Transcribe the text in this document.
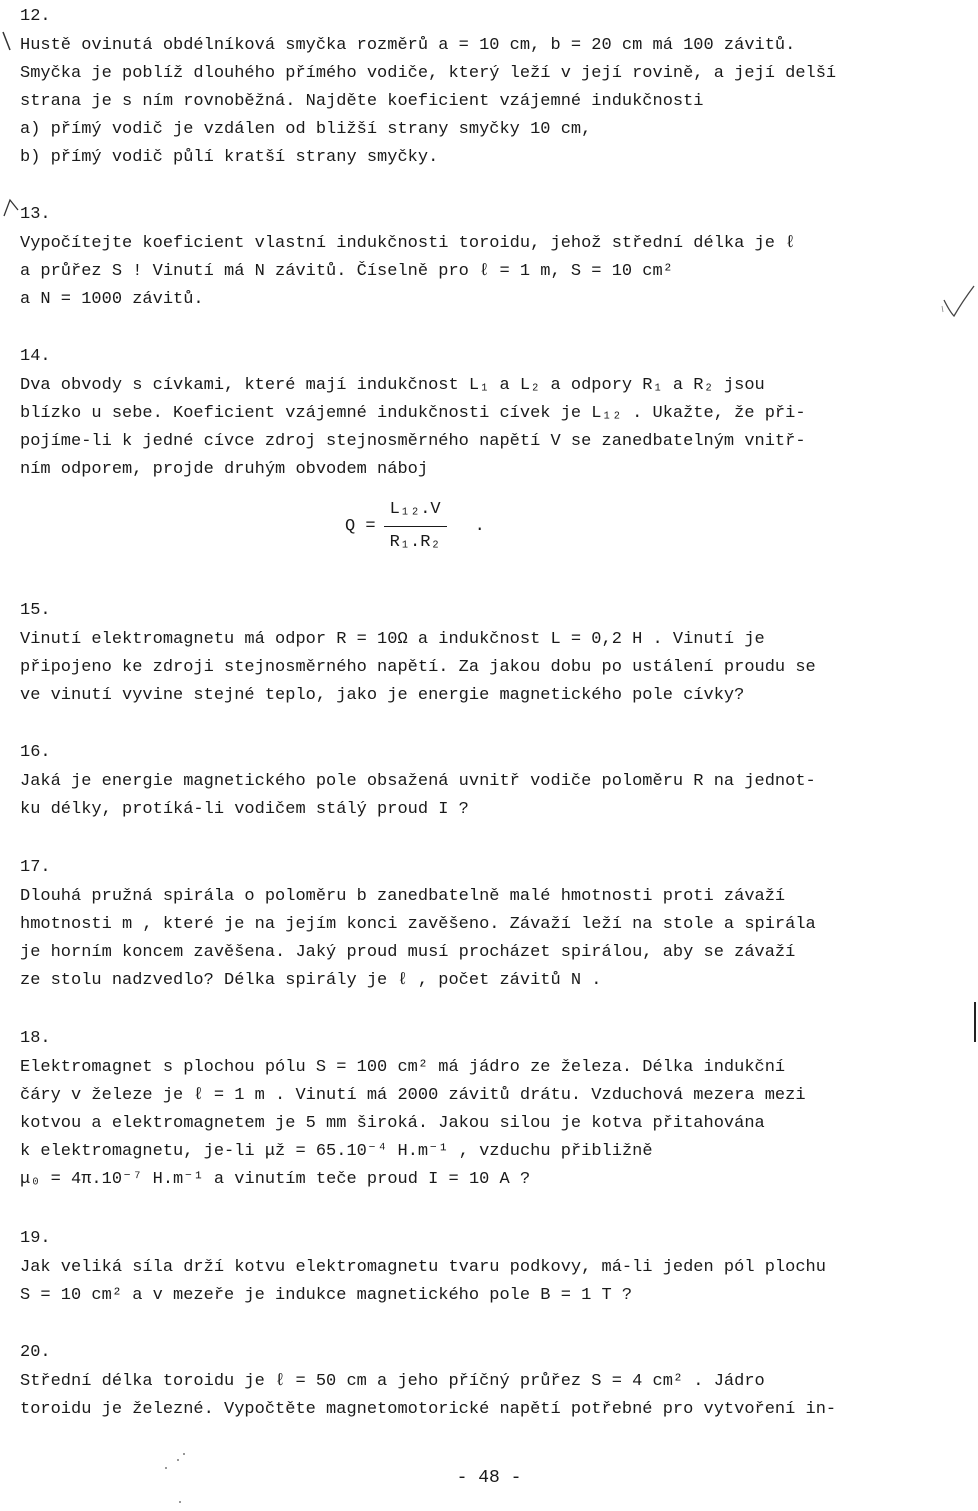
12.
Hustě ovinutá obdélníková smyčka rozměrů a = 10 cm, b = 20 cm má 100 závitů.
Smyčka je poblíž dlouhého přímého vodiče, který leží v její rovině, a její delší
strana je s ním rovnoběžná. Najděte koeficient vzájemné indukčnosti
a) přímý vodič je vzdálen od bližší strany smyčky 10 cm,
b) přímý vodič půlí kratší strany smyčky.
13.
Vypočítejte koeficient vlastní indukčnosti toroidu, jehož střední délka je ℓ
a průřez S ! Vinutí má N závitů. Číselně pro ℓ = 1 m, S = 10 cm²
a N = 1000 závitů.
14.
Dva obvody s cívkami, které mají indukčnost L₁ a L₂ a odpory R₁ a R₂ jsou
blízko u sebe. Koeficient vzájemné indukčnosti cívek je L₁₂ . Ukažte, že při-
pojíme-li k jedné cívce zdroj stejnosměrného napětí V se zanedbatelným vnitř-
ním odporem, projde druhým obvodem náboj
$Q = \frac{\text{L₁₂.V}}{\text{R₁.R₂}}$ .
15.
Vinutí elektromagnetu má odpor R = 10Ω a indukčnost L = 0,2 H . Vinutí je
připojeno ke zdroji stejnosměrného napětí. Za jakou dobu po ustálení proudu se
ve vinutí vyvine stejné teplo, jako je energie magnetického pole cívky?
16.
Jaká je energie magnetického pole obsažená uvnitř vodiče poloměru R na jednot-
ku délky, protíká-li vodičem stálý proud I ?
17.
Dlouhá pružná spirála o poloměru b zanedbatelně malé hmotnosti proti závaží
hmotnosti m , které je na jejím konci zavěšeno. Závaží leží na stole a spirála
je horním koncem zavěšena. Jaký proud musí procházet spirálou, aby se závaží
ze stolu nadzvedlo? Délka spirály je ℓ , počet závitů N .
18.
Elektromagnet s plochou pólu S = 100 cm² má jádro ze železa. Délka indukční
čáry v železe je ℓ = 1 m . Vinutí má 2000 závitů drátu. Vzduchová mezera mezi
kotvou a elektromagnetem je 5 mm široká. Jakou silou je kotva přitahována
k elektromagnetu, je-li μž = 65.10⁻⁴ H.m⁻¹ , vzduchu přibližně
μ₀ = 4π.10⁻⁷ H.m⁻¹ a vinutím teče proud I = 10 A ?
19.
Jak veliká síla drží kotvu elektromagnetu tvaru podkovy, má-li jeden pól plochu
S = 10 cm² a v mezeře je indukce magnetického pole B = 1 T ?
20.
Střední délka toroidu je ℓ = 50 cm a jeho příčný průřez S = 4 cm² . Jádro
toroidu je železné. Vypočtěte magnetomotorické napětí potřebné pro vytvoření in-
- 48 -
